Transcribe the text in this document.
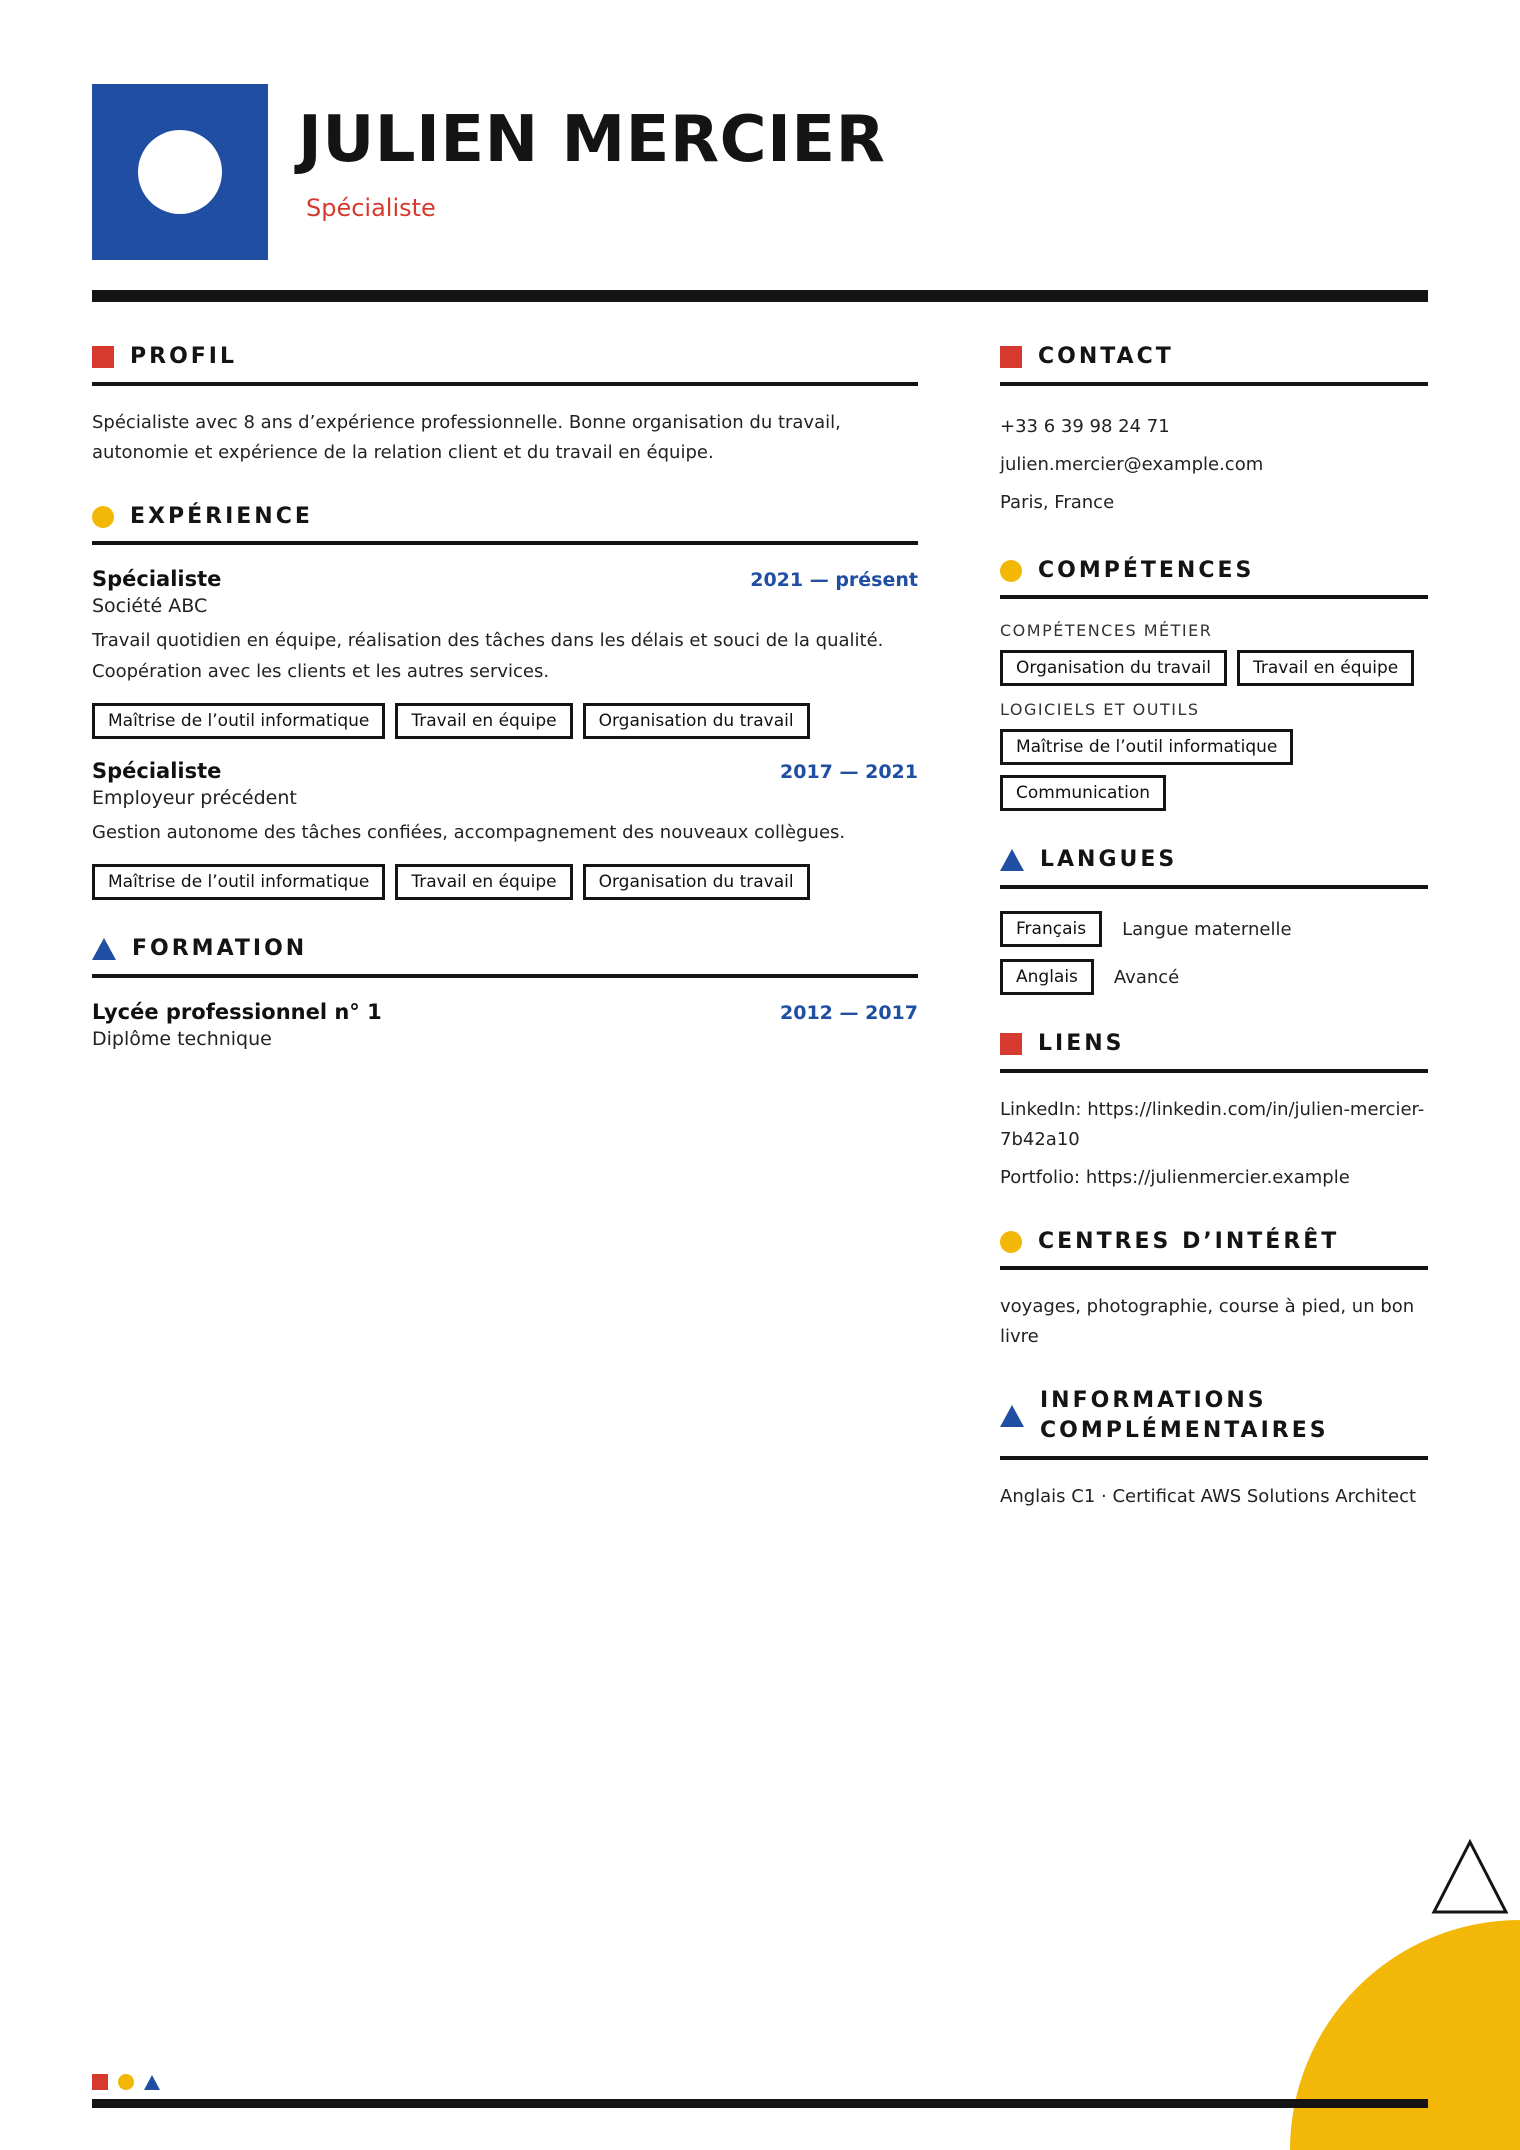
JULIEN MERCIER
Spécialiste
PROFIL

Spécialiste avec 8 ans d’expérience professionnelle. Bonne organisation du travail, autonomie et expérience de la relation client et du travail en équipe.

EXPÉRIENCE
Spécialiste	2021 — présent
Société ABC

Travail quotidien en équipe, réalisation des tâches dans les délais et souci de la qualité. Coopération avec les clients et les autres services.

Maîtrise de l’outil informatique	Travail en équipe	Organisation du travail
Spécialiste	2017 — 2021
Employeur précédent

Gestion autonome des tâches confiées, accompagnement des nouveaux collègues.

Maîtrise de l’outil informatique	Travail en équipe	Organisation du travail
FORMATION
Lycée professionnel n° 1	2012 — 2017
Diplôme technique
CONTACT
+33 6 39 98 24 71
julien.mercier@example.com
Paris, France
COMPÉTENCES
COMPÉTENCES MÉTIER
Organisation du travail	Travail en équipe
LOGICIELS ET OUTILS
Maîtrise de l’outil informatique
Communication
LANGUES
Français	Langue maternelle
Anglais	Avancé
LIENS
LinkedIn: https://linkedin.com/in/julien-mercier-7b42a10
Portfolio: https://julienmercier.example
CENTRES D’INTÉRÊT

voyages, photographie, course à pied, un bon livre

INFORMATIONS COMPLÉMENTAIRES

Anglais C1 · Certificat AWS Solutions Architect
